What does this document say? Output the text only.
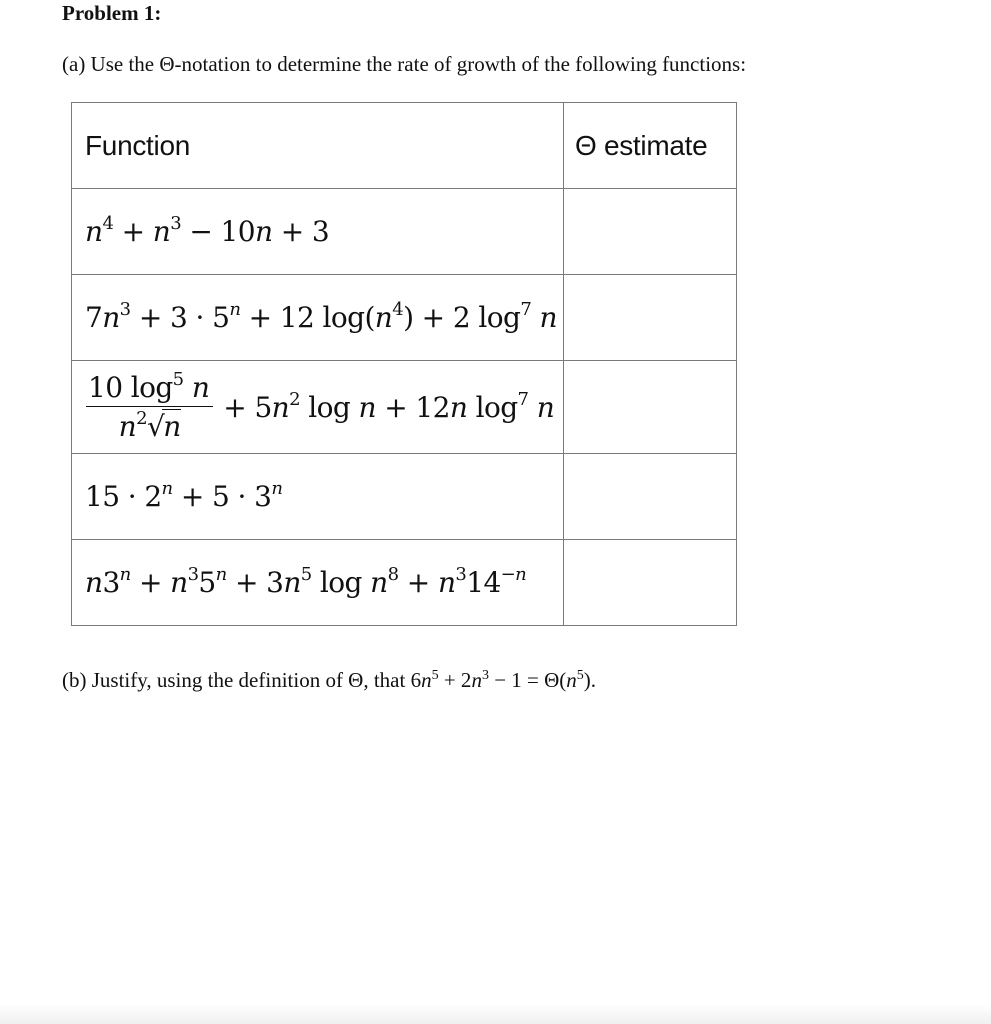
Problem 1:
(a) Use the Θ-notation to determine the rate of growth of the following functions:
Function	Θ estimate

$n^4 + n^3 - 10n + 3$	

$7n^3 + 3 \cdot 5^n + 12$ $\log(n^4) + 2$ $\log^7 n$	

$\frac{10 \log^5 n}{n^2√n} + 5n^2$ log n + 12n $\log^7 n$	

$15 \cdot 2^n + 5 \cdot 3^n$

$n3^n + n^35^n + 3n^5$ $\log n^8 + n^314^{-n}$

(b) Justify, using the definition of Θ, that $6n^5 + 2n^3 - 1 = \Theta(n^5)$.
